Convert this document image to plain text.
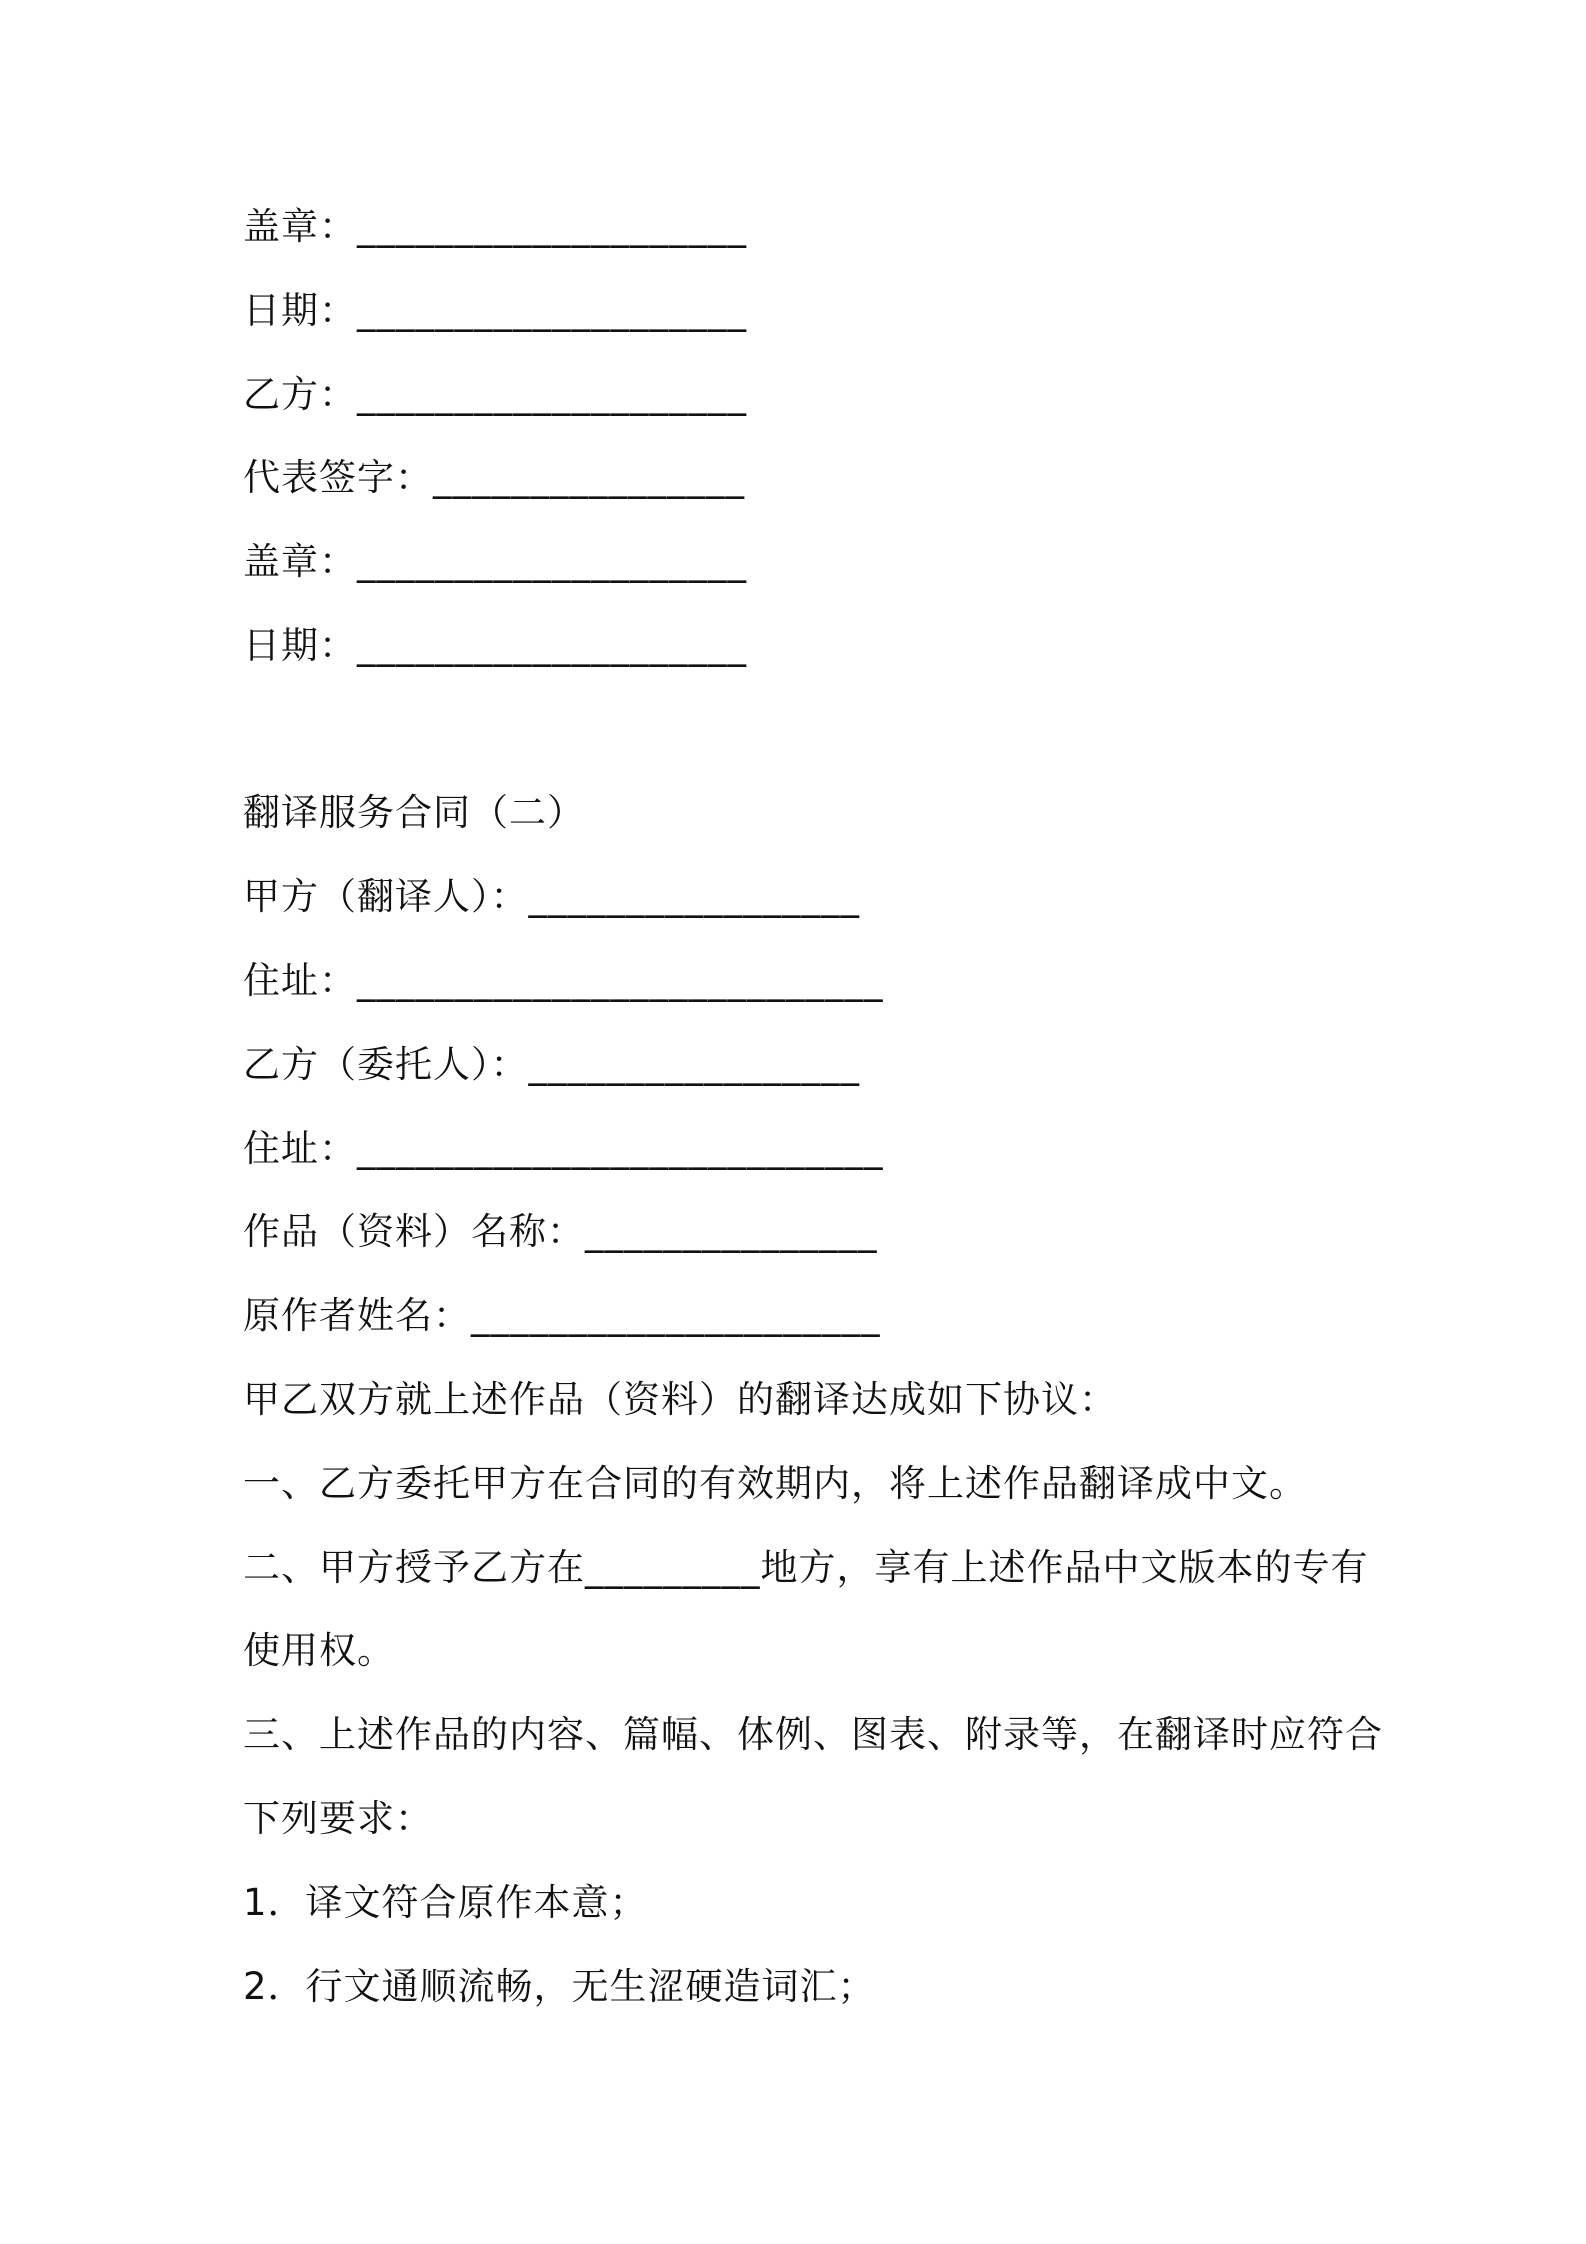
盖章：____________________
日期：____________________
乙方：____________________
代表签字：________________
盖章：____________________
日期：____________________
翻译服务合同（二）
甲方（翻译人）：_________________
住址：___________________________
乙方（委托人）：_________________
住址：___________________________
作品（资料）名称：_______________
原作者姓名：_____________________
甲乙双方就上述作品（资料）的翻译达成如下协议：
一、乙方委托甲方在合同的有效期内，将上述作品翻译成中文。
二、甲方授予乙方在_________地方，享有上述作品中文版本的专有
使用权。
三、上述作品的内容、篇幅、体例、图表、附录等，在翻译时应符合
下列要求：
1．译文符合原作本意；
2．行文通顺流畅，无生涩硬造词汇；
